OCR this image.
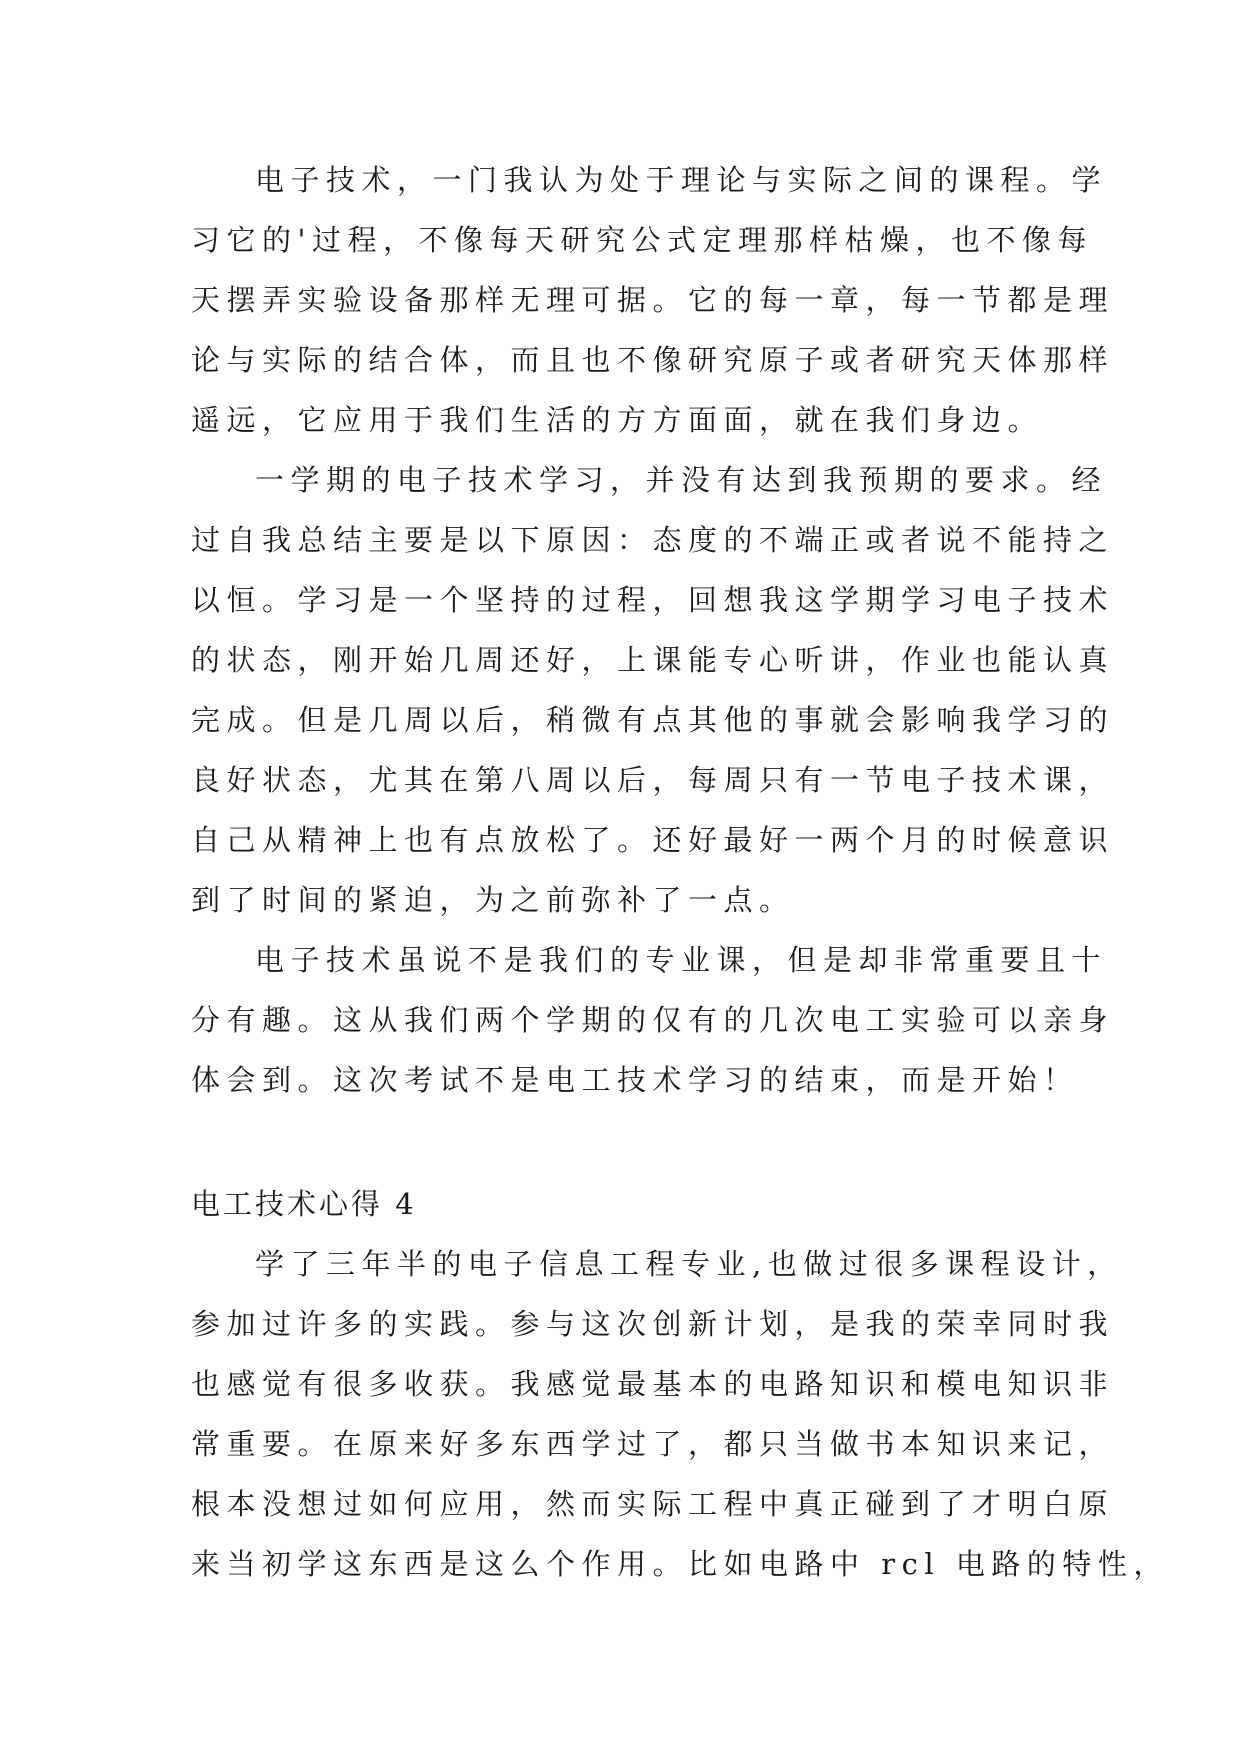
电子技术，一门我认为处于理论与实际之间的课程。学
习它的'过程，不像每天研究公式定理那样枯燥，也不像每
天摆弄实验设备那样无理可据。它的每一章，每一节都是理
论与实际的结合体，而且也不像研究原子或者研究天体那样
遥远，它应用于我们生活的方方面面，就在我们身边。
一学期的电子技术学习，并没有达到我预期的要求。经
过自我总结主要是以下原因：态度的不端正或者说不能持之
以恒。学习是一个坚持的过程，回想我这学期学习电子技术
的状态，刚开始几周还好，上课能专心听讲，作业也能认真
完成。但是几周以后，稍微有点其他的事就会影响我学习的
良好状态，尤其在第八周以后，每周只有一节电子技术课，
自己从精神上也有点放松了。还好最好一两个月的时候意识
到了时间的紧迫，为之前弥补了一点。
电子技术虽说不是我们的专业课，但是却非常重要且十
分有趣。这从我们两个学期的仅有的几次电工实验可以亲身
体会到。这次考试不是电工技术学习的结束，而是开始！
电工技术心得 4
学了三年半的电子信息工程专业,也做过很多课程设计，
参加过许多的实践。参与这次创新计划，是我的荣幸同时我
也感觉有很多收获。我感觉最基本的电路知识和模电知识非
常重要。在原来好多东西学过了，都只当做书本知识来记，
根本没想过如何应用，然而实际工程中真正碰到了才明白原
来当初学这东西是这么个作用。比如电路中 rcl 电路的特性，
